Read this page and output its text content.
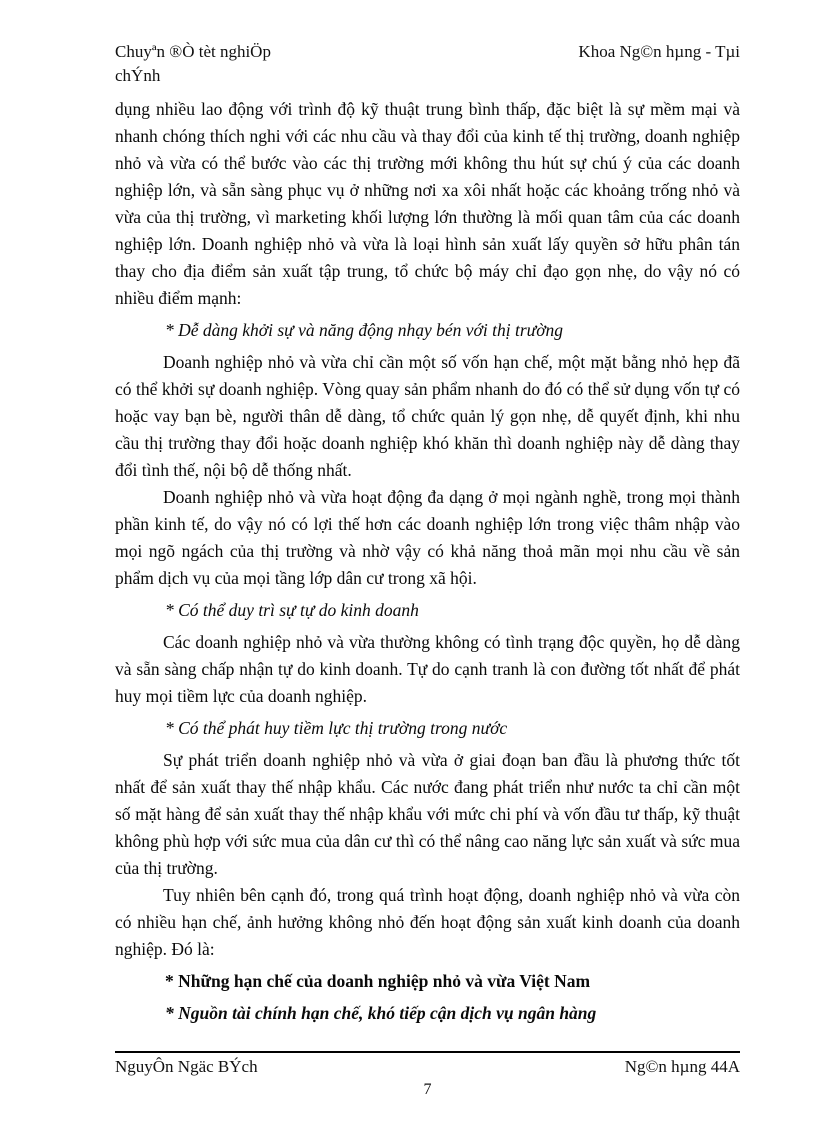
Chuyªn ®Ò tèt nghiÖp	Khoa Ng©n hµng - Tµi
chÝnh

dụng nhiều lao động với trình độ kỹ thuật trung bình thấp, đặc biệt là sự mềm mại và nhanh chóng thích nghi với các nhu cầu và thay đổi của kinh tế thị trường, doanh nghiệp nhỏ và vừa có thể bước vào các thị trường mới không thu hút sự chú ý của các doanh nghiệp lớn, và sẵn sàng phục vụ ở những nơi xa xôi nhất hoặc các khoảng trống nhỏ và vừa của thị trường, vì marketing khối lượng lớn thường là mối quan tâm của các doanh nghiệp lớn. Doanh nghiệp nhỏ và vừa là loại hình sản xuất lấy quyền sở hữu phân tán thay cho địa điểm sản xuất tập trung, tổ chức bộ máy chỉ đạo gọn nhẹ, do vậy nó có nhiều điểm mạnh:

* Dễ dàng khởi sự và năng động nhạy bén với thị trường

Doanh nghiệp nhỏ và vừa chỉ cần một số vốn hạn chế, một mặt bằng nhỏ hẹp đã có thể khởi sự doanh nghiệp. Vòng quay sản phẩm nhanh do đó có thể sử dụng vốn tự có hoặc vay bạn bè, người thân dễ dàng, tổ chức quản lý gọn nhẹ, dễ quyết định, khi nhu cầu thị trường thay đổi hoặc doanh nghiệp khó khăn thì doanh nghiệp này dễ dàng thay đổi tình thế, nội bộ dễ thống nhất.

Doanh nghiệp nhỏ và vừa hoạt động đa dạng ở mọi ngành nghề, trong mọi thành phần kinh tế, do vậy nó có lợi thế hơn các doanh nghiệp lớn trong việc thâm nhập vào mọi ngõ ngách của thị trường và nhờ vậy có khả năng thoả mãn mọi nhu cầu về sản phẩm dịch vụ của mọi tầng lớp dân cư trong xã hội.

* Có thể duy trì sự tự do kinh doanh

Các doanh nghiệp nhỏ và vừa thường không có tình trạng độc quyền, họ dễ dàng và sẵn sàng chấp nhận tự do kinh doanh. Tự do cạnh tranh là con đường tốt nhất để phát huy mọi tiềm lực của doanh nghiệp.

* Có thể phát huy tiềm lực thị trường trong nước

Sự phát triển doanh nghiệp nhỏ và vừa ở giai đoạn ban đầu là phương thức tốt nhất để sản xuất thay thế nhập khẩu. Các nước đang phát triển như nước ta chỉ cần một số mặt hàng để sản xuất thay thế nhập khẩu với mức chi phí và vốn đầu tư thấp, kỹ thuật không phù hợp với sức mua của dân cư thì có thể nâng cao năng lực sản xuất và sức mua của thị trường.

Tuy nhiên bên cạnh đó, trong quá trình hoạt động, doanh nghiệp nhỏ và vừa còn có nhiều hạn chế, ảnh hưởng không nhỏ đến hoạt động sản xuất kinh doanh của doanh nghiệp. Đó là:

* Những hạn chế của doanh nghiệp nhỏ và vừa Việt Nam

* Nguồn tài chính hạn chế, khó tiếp cận dịch vụ ngân hàng

NguyÔn Ngäc BÝch	Ng©n hµng 44A
7
